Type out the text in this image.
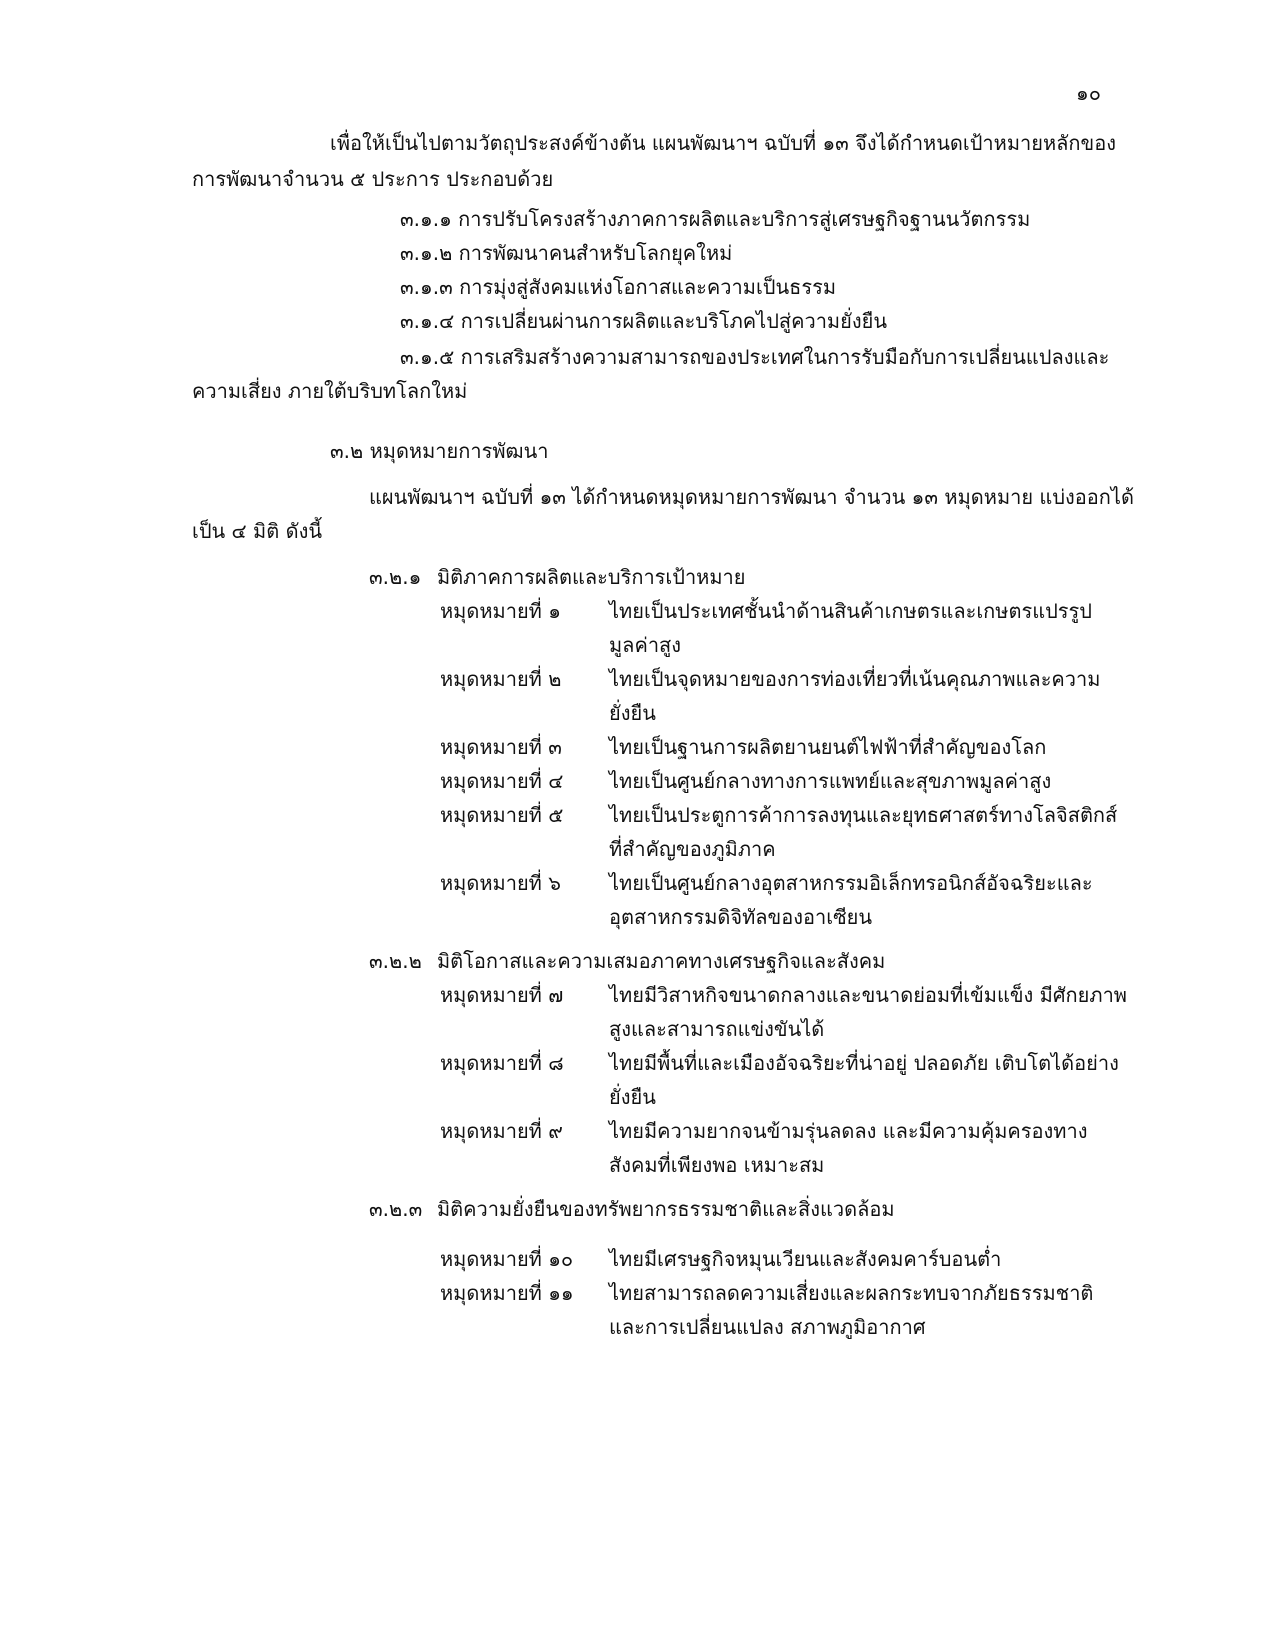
๑๐
เพื่อให้เป็นไปตามวัตถุประสงค์ข้างต้น แผนพัฒนาฯ ฉบับที่ ๑๓ จึงได้กำหนดเป้าหมายหลักของ
การพัฒนาจำนวน ๕ ประการ ประกอบด้วย
๓.๑.๑ การปรับโครงสร้างภาคการผลิตและบริการสู่เศรษฐกิจฐานนวัตกรรม
๓.๑.๒ การพัฒนาคนสำหรับโลกยุคใหม่
๓.๑.๓ การมุ่งสู่สังคมแห่งโอกาสและความเป็นธรรม
๓.๑.๔ การเปลี่ยนผ่านการผลิตและบริโภคไปสู่ความยั่งยืน
๓.๑.๕ การเสริมสร้างความสามารถของประเทศในการรับมือกับการเปลี่ยนแปลงและ
ความเสี่ยง ภายใต้บริบทโลกใหม่
๓.๒ หมุดหมายการพัฒนา
แผนพัฒนาฯ ฉบับที่ ๑๓ ได้กำหนดหมุดหมายการพัฒนา จำนวน ๑๓ หมุดหมาย แบ่งออกได้
เป็น ๔ มิติ ดังนี้
๓.๒.๑ มิติภาคการผลิตและบริการเป้าหมาย
หมุดหมายที่ ๑ ไทยเป็นประเทศชั้นนำด้านสินค้าเกษตรและเกษตรแปรรูปมูลค่าสูง
หมุดหมายที่ ๒ ไทยเป็นจุดหมายของการท่องเที่ยวที่เน้นคุณภาพและความยั่งยืน
หมุดหมายที่ ๓ ไทยเป็นฐานการผลิตยานยนต์ไฟฟ้าที่สำคัญของโลก
หมุดหมายที่ ๔ ไทยเป็นศูนย์กลางทางการแพทย์และสุขภาพมูลค่าสูง
หมุดหมายที่ ๕ ไทยเป็นประตูการค้าการลงทุนและยุทธศาสตร์ทางโลจิสติกส์ที่สำคัญของภูมิภาค
หมุดหมายที่ ๖ ไทยเป็นศูนย์กลางอุตสาหกรรมอิเล็กทรอนิกส์อัจฉริยะและอุตสาหกรรมดิจิทัลของอาเซียน
๓.๒.๒ มิติโอกาสและความเสมอภาคทางเศรษฐกิจและสังคม
หมุดหมายที่ ๗ ไทยมีวิสาหกิจขนาดกลางและขนาดย่อมที่เข้มแข็ง มีศักยภาพสูงและสามารถแข่งขันได้
หมุดหมายที่ ๘ ไทยมีพื้นที่และเมืองอัจฉริยะที่น่าอยู่ ปลอดภัย เติบโตได้อย่างยั่งยืน
หมุดหมายที่ ๙ ไทยมีความยากจนข้ามรุ่นลดลง และมีความคุ้มครองทางสังคมที่เพียงพอ เหมาะสม
๓.๒.๓ มิติความยั่งยืนของทรัพยากรธรรมชาติและสิ่งแวดล้อม
หมุดหมายที่ ๑๐ ไทยมีเศรษฐกิจหมุนเวียนและสังคมคาร์บอนต่ำ
หมุดหมายที่ ๑๑ ไทยสามารถลดความเสี่ยงและผลกระทบจากภัยธรรมชาติและการเปลี่ยนแปลง สภาพภูมิอากาศ
